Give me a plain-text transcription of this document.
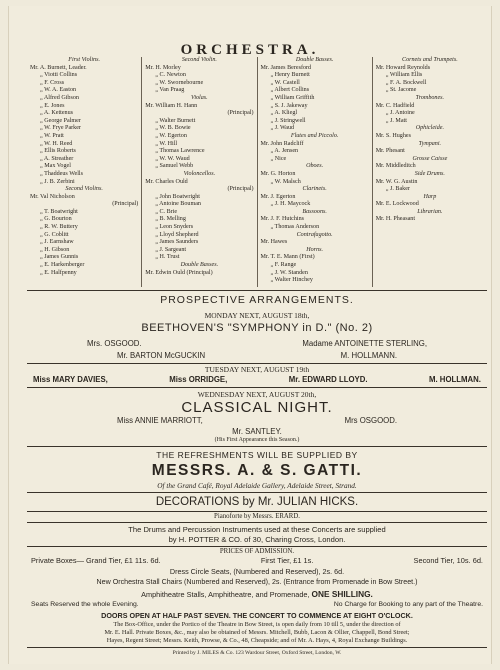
ORCHESTRA.
First Violins.
Mr. A. Burnett, Leader.
„ Viotti Collins
„ F. Cross
„ W. A. Easton
„ Alfred Gibson
„ E. Jones
„ A. Kettenus
„ George Palmer
„ W. Frye Parker
„ W. Pratt
„ W. H. Reed
„ Ellis Roberts
„ A. Streather
„ Max Vogel
„ Thaddeus Wells
„ J. B. Zerbini
Second Violins.
Mr. Val Nicholson
(Principal)
„ T. Boatwright
„ G. Bourton
„ R. W. Buttery
„ G. Coblitt
„ J. Earnshaw
„ H. Gibson
„ James Gunnis
„ E. Harkenberger
„ E. Halfpenny
Second Violin.
Mr. H. Morley
„ C. Newton
„ W. Swornebourne
„ Van Praag
Violas.
Mr. William H. Hann
(Principal)
„ Walter Burnett
„ W. B. Bowie
„ W. Egerton
„ W. Hill
„ Thomas Lawrence
„ W. W. Waud
„ Samuel Webb
Violoncellos.
Mr. Charles Ould
(Principal)
„ John Boatwright
„ Antoine Bouman
„ C. Brie
„ B. Melling
„ Leon Snyders
„ Lloyd Shepherd
„ James Saunders
„ J. Sargeant
„ H. Trust
Double Basses.
Mr. Edwin Ould (Principal)
Double Basses.
Mr. James Beresford
„ Henry Burnett
„ W. Castell
„ Albert Collins
„ William Griffith
„ S. J. Jakeway
„ A. Kliegl
„ J. Stringwell
„ J. Waud
Flutes and Piccolo.
Mr. John Radcliff
„ A. Jensen
„ Nice
Oboes.
Mr. G. Horton
„ W. Malsch
Clarinets.
Mr. J. Egerton
„ J. H. Maycock
Bassoons.
Mr. J. F. Hutchins
„ Thomas Anderson
Contrafagotto.
Mr. Hawes
Horns.
Mr. T. E. Mann (First)
„ F. Range
„ J. W. Standen
„ Walter Hinchey
Cornets and Trumpets.
Mr. Howard Reynolds
„ William Ellis
„ F. A. Bockwell
„ St. Jacome
Trombones.
Mr. C. Hadfield
„ J. Antoine
„ J. Matt
Ophicleide.
Mr. S. Hughes
Tympani.
Mr. Phesant
Grosse Caisse
Mr. Middleditch
Side Drums.
Mr. W. G. Austin
„ J. Baker
Harp
Mr. E. Lockwood
Librarian.
Mr. H. Pheasant
PROSPECTIVE ARRANGEMENTS.
MONDAY NEXT, AUGUST 18th,
BEETHOVEN'S "SYMPHONY in D." (No. 2)
Mrs. OSGOOD.	Madame ANTOINETTE STERLING,
Mr. BARTON McGUCKIN	M. HOLLMANN.
TUESDAY NEXT, AUGUST 19th
Miss MARY DAVIES,	Miss ORRIDGE,	Mr. EDWARD LLOYD.	M. HOLLMAN.
WEDNESDAY NEXT, AUGUST 20th,
CLASSICAL NIGHT.
Miss ANNIE MARRIOTT,	Mrs OSGOOD.
Mr. SANTLEY.
(His First Appearance this Season.)
THE REFRESHMENTS WILL BE SUPPLIED BY
MESSRS. A. & S. GATTI.
Of the Grand Café, Royal Adelaide Gallery, Adelaide Street, Strand.
DECORATIONS by Mr. JULIAN HICKS.
Pianoforte by Messrs. ERARD.
The Drums and Percussion Instruments used at these Concerts are supplied
by H. POTTER & CO. of 30, Charing Cross, London.
PRICES OF ADMISSION.
Private Boxes— Grand Tier, £1 11s. 6d.	First Tier, £1 1s.	Second Tier, 10s. 6d.
Dress Circle Seats, (Numbered and Reserved), 2s. 6d.
New Orchestra Stall Chairs (Numbered and Reserved), 2s. (Entrance from Promenade in Bow Street.)
Amphitheatre Stalls, Amphitheatre, and Promenade, ONE SHILLING.
Seats Reserved the whole Evening.	No Charge for Booking to any part of the Theatre.
DOORS OPEN AT HALF PAST SEVEN. THE CONCERT TO COMMENCE AT EIGHT O'CLOCK.
The Box-Office, under the Portico of the Theatre in Bow Street, is open daily from 10 till 5, under the direction of
Mr. E. Hall. Private Boxes, &c., may also be obtained of Messrs. Mitchell, Bubb, Lacon & Ollier, Chappell, Bond Street;
Hayes, Regent Street; Messrs. Keith, Prowse, & Co., 48, Cheapside; and of Mr. A. Hays, 4, Royal Exchange Buildings.
Printed by J. MILES & Co. 123 Wardour Street, Oxford Street, London, W.
